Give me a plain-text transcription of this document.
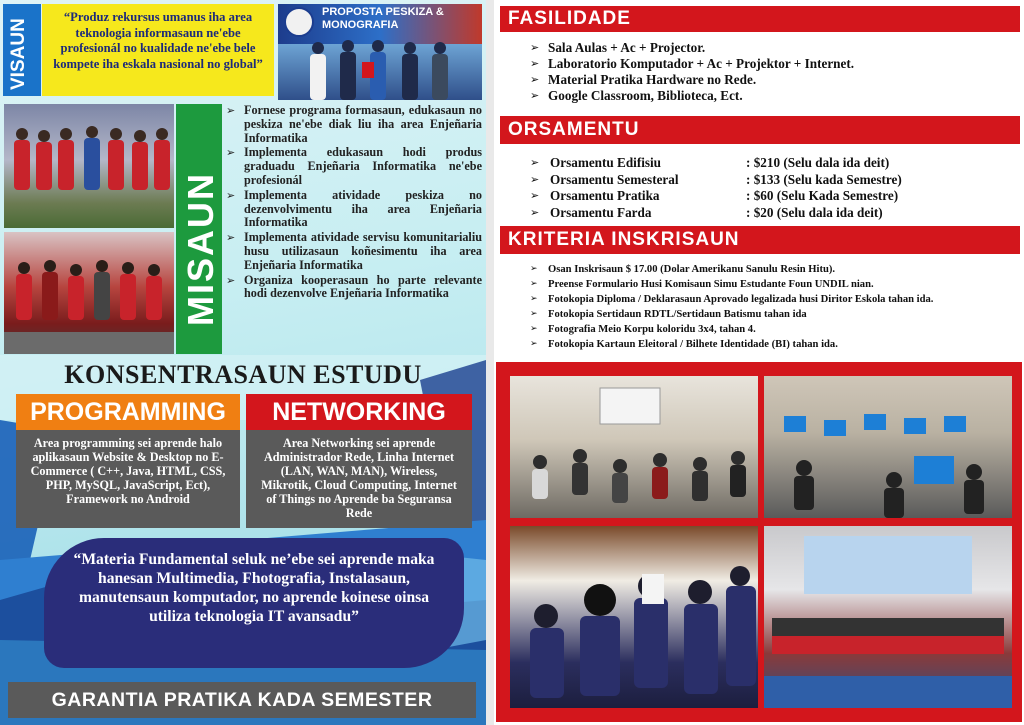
VISAUN
“Produz rekursus umanus iha area teknologia informasaun ne'ebe profesionál no kualidade ne'ebe bele kompete iha eskala nasional no global”
PROPOSTA PESKIZA &
MONOGRAFIA
MISAUN
➢ Fornese programa formasaun, edukasaun no peskiza ne'ebe diak liu iha area Enjeñaria Informatika
➢ Implementa edukasaun hodi produs graduadu Enjeñaria Informatika ne'ebe profesionál
➢ Implementa atividade peskiza no dezenvolvimentu iha area Enjeñaria Informatika
➢ Implementa atividade servisu komunitarialiu husu utilizasaun koñesimentu iha area Enjeñaria Informatika
➢ Organiza kooperasaun ho parte relevante hodi dezenvolve Enjeñaria Informatika
KONSENTRASAUN ESTUDU
PROGRAMMING
Area programming sei aprende halo aplikasaun Website & Desktop no E-Commerce ( C++, Java, HTML, CSS, PHP, MySQL, JavaScript, Ect), Framework no Android
NETWORKING
Area Networking sei aprende Administrador Rede, Linha Internet (LAN, WAN, MAN), Wireless, Mikrotik, Cloud Computing, Internet of Things no Aprende ba Seguransa Rede
“Materia Fundamental seluk ne’ebe sei aprende maka hanesan Multimedia, Fhotografia, Instalasaun, manutensaun komputador, no aprende koinese oinsa utiliza teknologia IT avansadu”
GARANTIA PRATIKA KADA SEMESTER
FASILIDADE
➢ Sala Aulas + Ac + Projector.
➢ Laboratorio Komputador + Ac + Projektor + Internet.
➢ Material Pratika Hardware no Rede.
➢ Google Classroom, Biblioteca, Ect.
ORSAMENTU
➢ Orsamentu Edifisiu	: $210 (Selu dala ida deit)
➢ Orsamentu Semesteral	: $133 (Selu kada Semestre)
➢ Orsamentu Pratika	: $60 (Selu Kada Semestre)
➢ Orsamentu Farda	: $20 (Selu dala ida deit)
KRITERIA INSKRISAUN
➢ Osan Inskrisaun $ 17.00 (Dolar Amerikanu Sanulu Resin Hitu).
➢ Preense Formulario Husi Komisaun Simu Estudante Foun UNDIL nian.
➢ Fotokopia Diploma / Deklarasaun Aprovado legalizada husi Diritor Eskola tahan ida.
➢ Fotokopia Sertidaun RDTL/Sertidaun Batismu tahan ida
➢ Fotografia Meio Korpu koloridu 3x4, tahan 4.
➢ Fotokopia Kartaun Eleitoral / Bilhete Identidade (BI) tahan ida.
